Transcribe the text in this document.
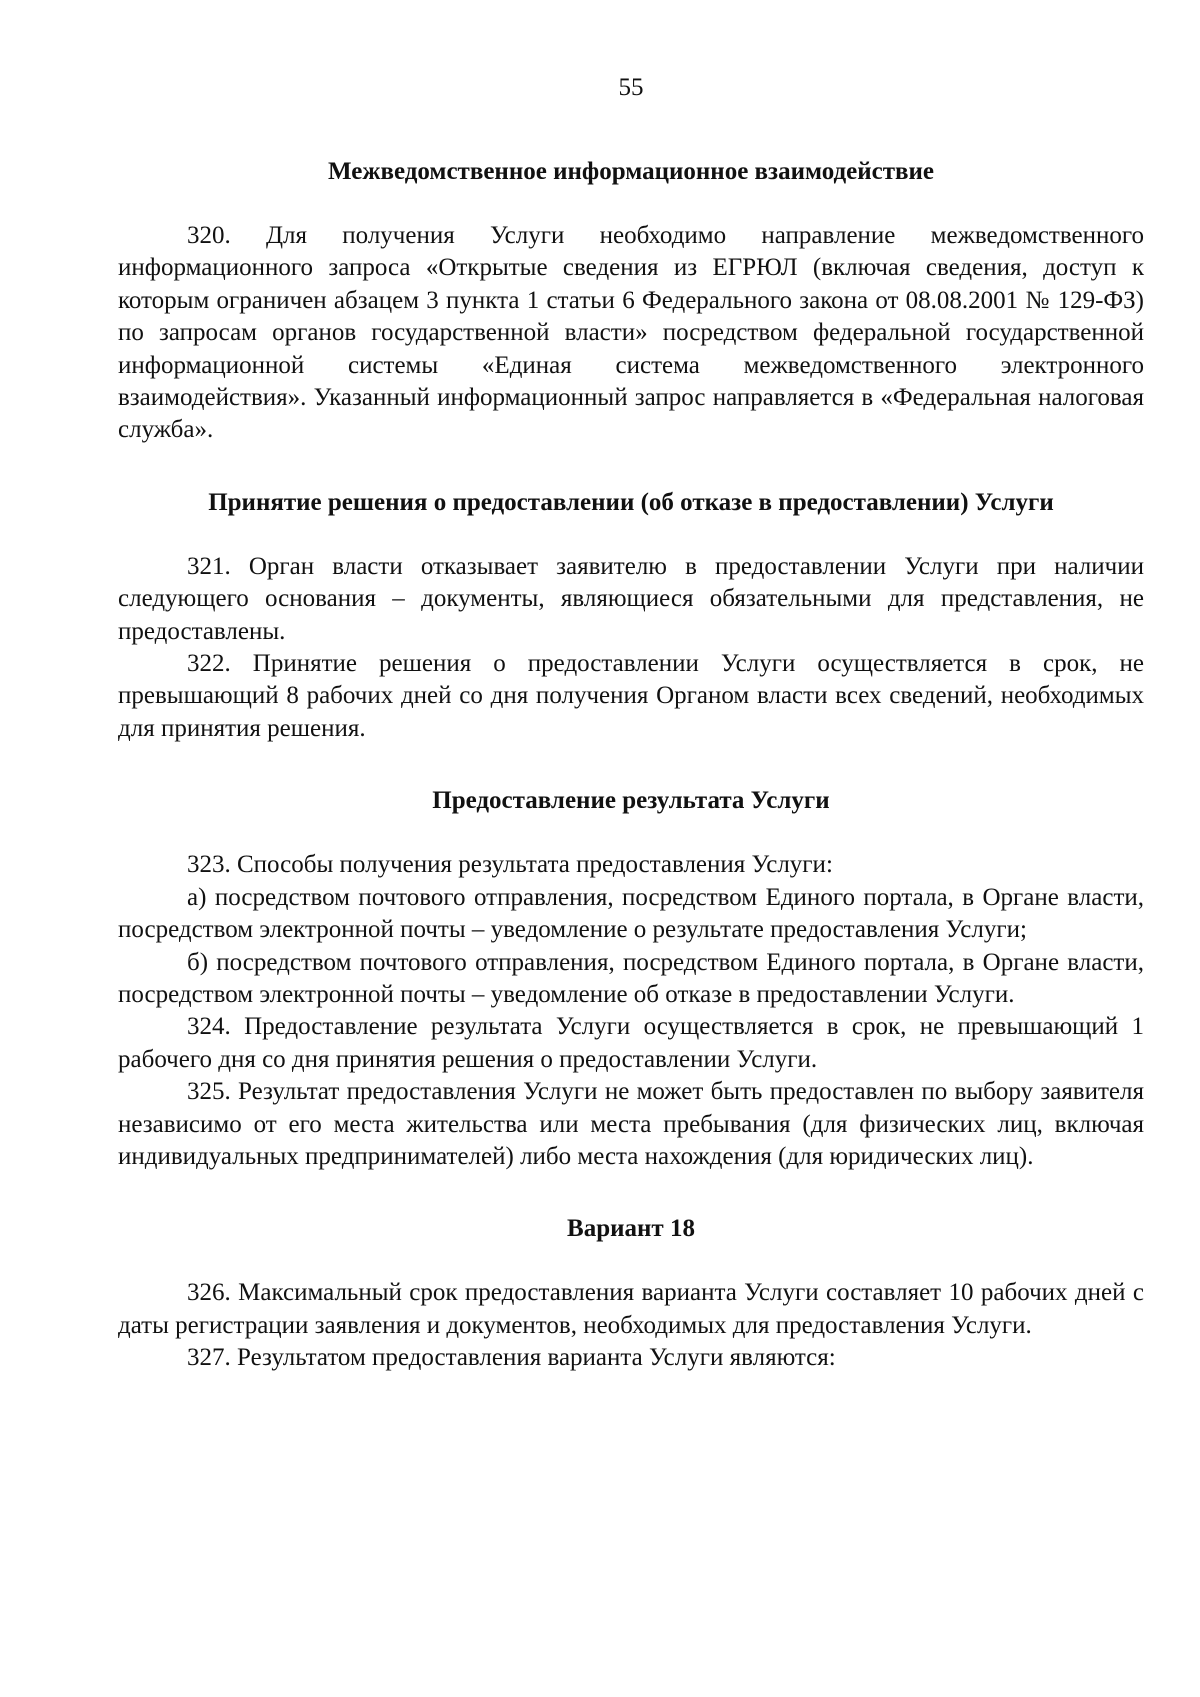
55
Межведомственное информационное взаимодействие

320. Для получения Услуги необходимо направление межведомственного информационного запроса «Открытые сведения из ЕГРЮЛ (включая сведения, доступ к которым ограничен абзацем 3 пункта 1 статьи 6 Федерального закона от 08.08.2001 № 129-ФЗ) по запросам органов государственной власти» посредством федеральной государственной информационной системы «Единая система межведомственного электронного взаимодействия». Указанный информационный запрос направляется в «Федеральная налоговая служба».

Принятие решения о предоставлении (об отказе в предоставлении) Услуги

321. Орган власти отказывает заявителю в предоставлении Услуги при наличии следующего основания – документы, являющиеся обязательными для представления, не предоставлены.

322. Принятие решения о предоставлении Услуги осуществляется в срок, не превышающий 8 рабочих дней со дня получения Органом власти всех сведений, необходимых для принятия решения.

Предоставление результата Услуги

323. Способы получения результата предоставления Услуги:

а) посредством почтового отправления, посредством Единого портала, в Органе власти, посредством электронной почты – уведомление о результате предоставления Услуги;

б) посредством почтового отправления, посредством Единого портала, в Органе власти, посредством электронной почты – уведомление об отказе в предоставлении Услуги.

324. Предоставление результата Услуги осуществляется в срок, не превышающий 1 рабочего дня со дня принятия решения о предоставлении Услуги.

325. Результат предоставления Услуги не может быть предоставлен по выбору заявителя независимо от его места жительства или места пребывания (для физических лиц, включая индивидуальных предпринимателей) либо места нахождения (для юридических лиц).

Вариант 18

326. Максимальный срок предоставления варианта Услуги составляет 10 рабочих дней с даты регистрации заявления и документов, необходимых для предоставления Услуги.

327. Результатом предоставления варианта Услуги являются:
